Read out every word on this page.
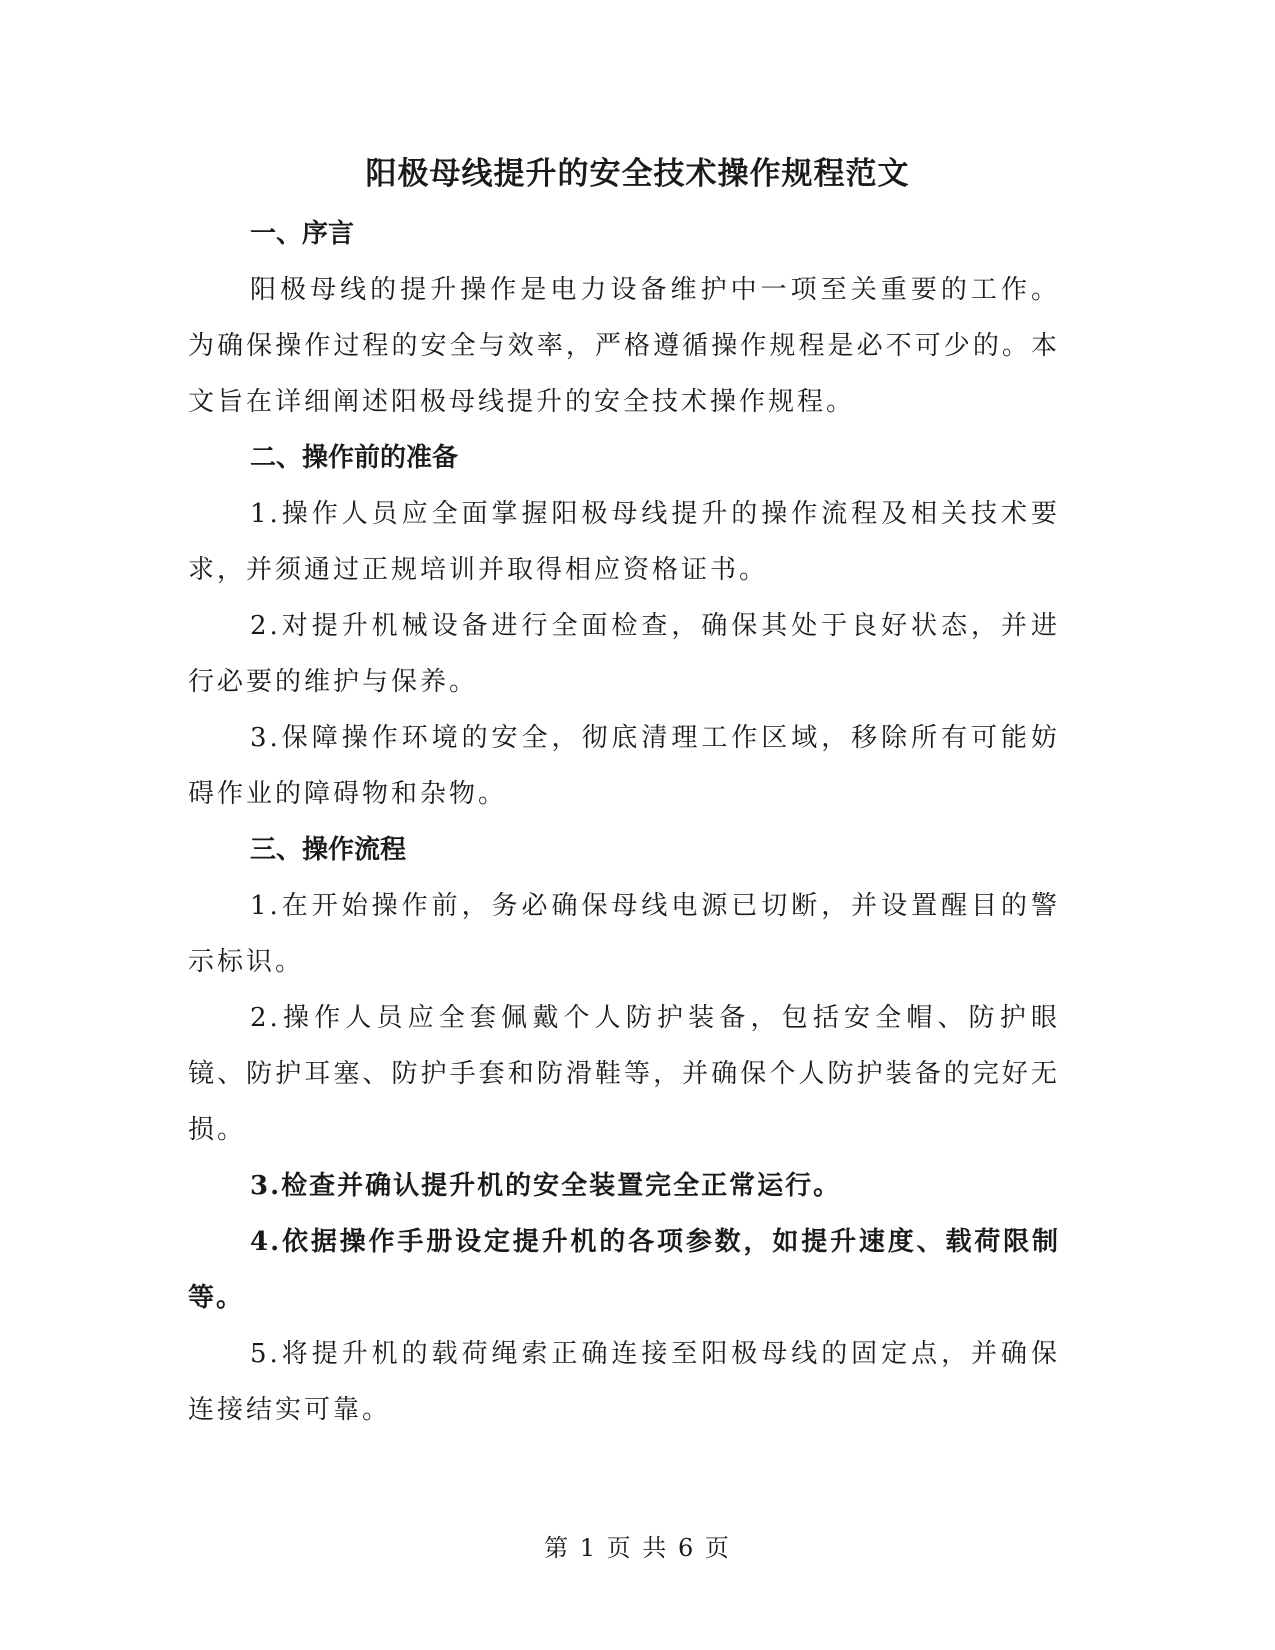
阳极母线提升的安全技术操作规程范文

一、序言

阳极母线的提升操作是电力设备维护中一项至关重要的工作。为确保操作过程的安全与效率，严格遵循操作规程是必不可少的。本文旨在详细阐述阳极母线提升的安全技术操作规程。

二、操作前的准备

1.操作人员应全面掌握阳极母线提升的操作流程及相关技术要求，并须通过正规培训并取得相应资格证书。

2.对提升机械设备进行全面检查，确保其处于良好状态，并进行必要的维护与保养。

3.保障操作环境的安全，彻底清理工作区域，移除所有可能妨碍作业的障碍物和杂物。

三、操作流程

1.在开始操作前，务必确保母线电源已切断，并设置醒目的警示标识。

2.操作人员应全套佩戴个人防护装备，包括安全帽、防护眼镜、防护耳塞、防护手套和防滑鞋等，并确保个人防护装备的完好无损。

3.检查并确认提升机的安全装置完全正常运行。

4.依据操作手册设定提升机的各项参数，如提升速度、载荷限制等。

5.将提升机的载荷绳索正确连接至阳极母线的固定点，并确保连接结实可靠。

第 1 页 共 6 页
